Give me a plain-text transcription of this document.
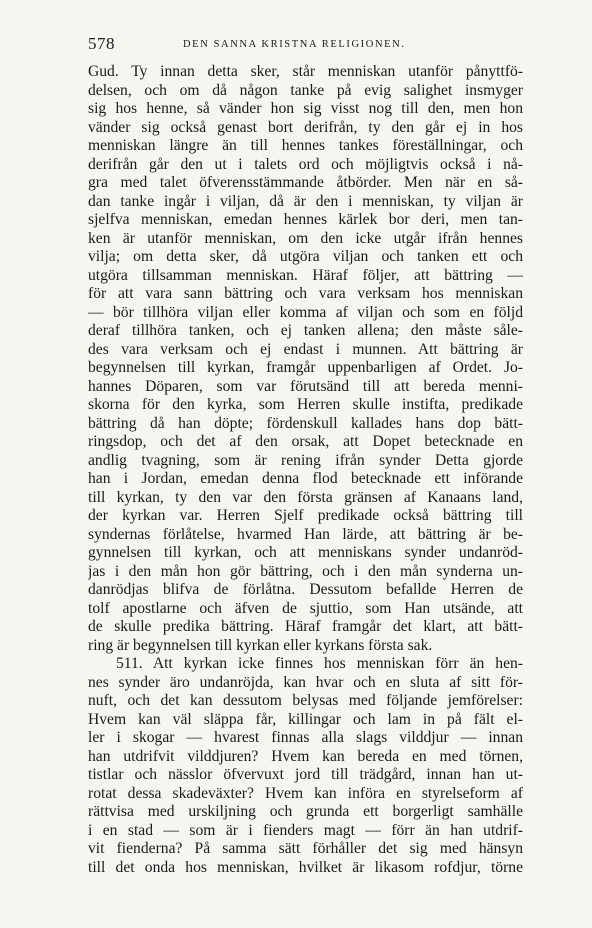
578	DEN SANNA KRISTNA RELIGIONEN.
Gud. Ty innan detta sker, står menniskan utanför pånyttfö-
delsen, och om då någon tanke på evig salighet insmyger
sig hos henne, så vänder hon sig visst nog till den, men hon
vänder sig också genast bort derifrån, ty den går ej in hos
menniskan längre än till hennes tankes föreställningar, och
derifrån går den ut i talets ord och möjligtvis också i nå-
gra med talet öfverensstämmande åtbörder. Men när en så-
dan tanke ingår i viljan, då är den i menniskan, ty viljan är
sjelfva menniskan, emedan hennes kärlek bor deri, men tan-
ken är utanför menniskan, om den icke utgår ifrån hennes
vilja; om detta sker, då utgöra viljan och tanken ett och
utgöra tillsamman menniskan. Häraf följer, att bättring —
för att vara sann bättring och vara verksam hos menniskan
— bör tillhöra viljan eller komma af viljan och som en följd
deraf tillhöra tanken, och ej tanken allena; den måste såle-
des vara verksam och ej endast i munnen. Att bättring är
begynnelsen till kyrkan, framgår uppenbarligen af Ordet. Jo-
hannes Döparen, som var förutsänd till att bereda menni-
skorna för den kyrka, som Herren skulle instifta, predikade
bättring då han döpte; fördenskull kallades hans dop bätt-
ringsdop, och det af den orsak, att Dopet betecknade en
andlig tvagning, som är rening ifrån synder Detta gjorde
han i Jordan, emedan denna flod betecknade ett införande
till kyrkan, ty den var den första gränsen af Kanaans land,
der kyrkan var. Herren Sjelf predikade också bättring till
syndernas förlåtelse, hvarmed Han lärde, att bättring är be-
gynnelsen till kyrkan, och att menniskans synder undanröd-
jas i den mån hon gör bättring, och i den mån synderna un-
danrödjas blifva de förlåtna. Dessutom befallde Herren de
tolf apostlarne och äfven de sjuttio, som Han utsände, att
de skulle predika bättring. Häraf framgår det klart, att bätt-
ring är begynnelsen till kyrkan eller kyrkans första sak.
511. Att kyrkan icke finnes hos menniskan förr än hen-
nes synder äro undanröjda, kan hvar och en sluta af sitt för-
nuft, och det kan dessutom belysas med följande jemförelser:
Hvem kan väl släppa får, killingar och lam in på fält el-
ler i skogar — hvarest finnas alla slags vilddjur — innan
han utdrifvit vilddjuren? Hvem kan bereda en med törnen,
tistlar och nässlor öfvervuxt jord till trädgård, innan han ut-
rotat dessa skadeväxter? Hvem kan införa en styrelseform af
rättvisa med urskiljning och grunda ett borgerligt samhälle
i en stad — som är i fienders magt — förr än han utdrif-
vit fienderna? På samma sätt förhåller det sig med hänsyn
till det onda hos menniskan, hvilket är likasom rofdjur, törne
